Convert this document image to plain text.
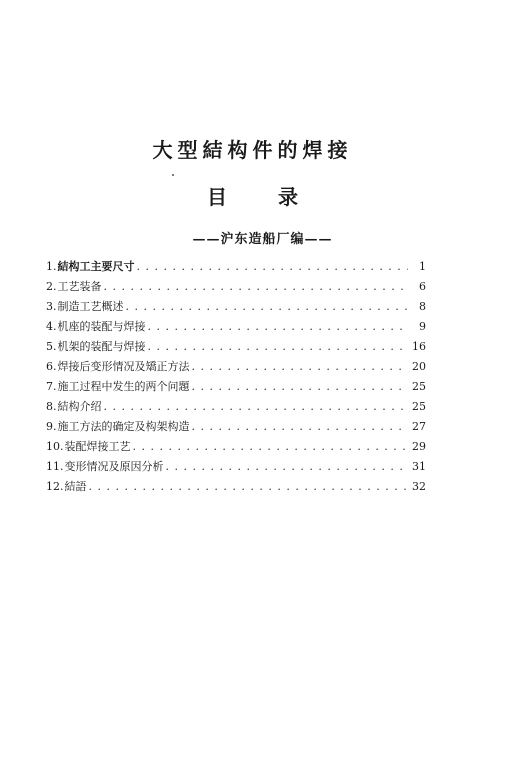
大型結构件的焊接
目 录
——沪东造船厂编——
1. 結构工主要尺寸 . . .	1
2. 工艺装备 . . .	6
3. 制造工艺概述 . . .	8
4. 机座的装配与焊接 . . .	9
5. 机架的装配与焊接 . . .	16
6. 焊接后变形情况及矯正方法 . . .	20
7. 施工过程中发生的两个问題 . . .	25
8. 結构介绍 . . .	25
9. 施工方法的确定及构架构造 . . .	27
10. 装配焊接工艺 . . .	29
11. 变形情况及原因分析 . . .	31
12. 結語 . . .	32
